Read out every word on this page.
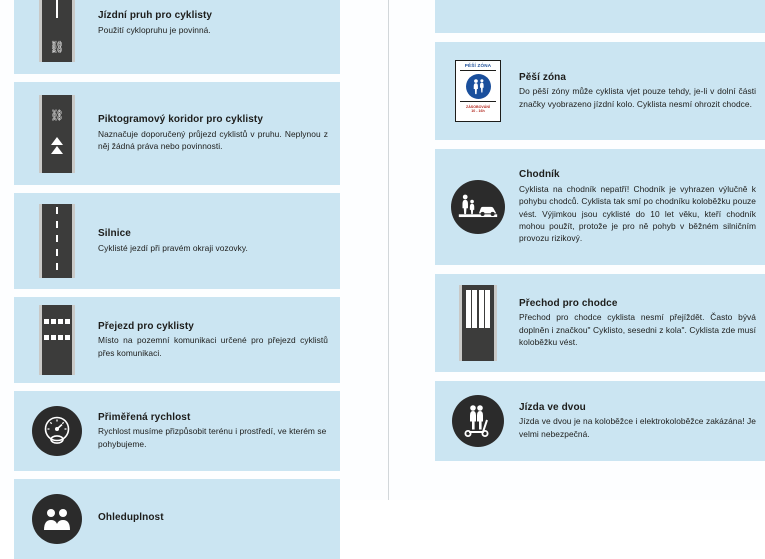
⛓
Jízdní pruh pro cyklisty
Použití cyklopruhu je povinná.
⛓	Piktogramový koridor pro cyklisty
Naznačuje doporučený průjezd cyklistů v pruhu. Neplynou z něj žádná práva nebo povinnosti.
Silnice
Cyklisté jezdí při pravém okraji vozovky.
Přejezd pro cyklisty
Místo na pozemní komunikaci určené pro přejezd cyklistů přes komunikaci.
Přiměřená rychlost
Rychlost musíme přizpůsobit terénu i prostředí, ve kterém se pohybujeme.
Ohleduplnost
PĚŠÍ ZÓNA
ZÁSOBOVÁNÍ
10 - 16h
Pěší zóna
Do pěší zóny může cyklista vjet pouze tehdy, je-li v dolní části značky vyobrazeno jízdní kolo. Cyklista nesmí ohrozit chodce.
Chodník
Cyklista na chodník nepatří! Chodník je vyhrazen výlučně k pohybu chodců. Cyklista tak smí po chodníku koloběžku pouze vést. Výjimkou jsou cyklisté do 10 let věku, kteří chodník mohou použít, protože je pro ně pohyb v běžném silničním provozu rizikový.
Přechod pro chodce
Přechod pro chodce cyklista nesmí přejíždět. Často bývá doplněn i značkou" Cyklisto, sesedni z kola". Cyklista zde musí koloběžku vést.
Jízda ve dvou
Jízda ve dvou je na koloběžce i elektrokoloběžce zakázána! Je velmi nebezpečná.
